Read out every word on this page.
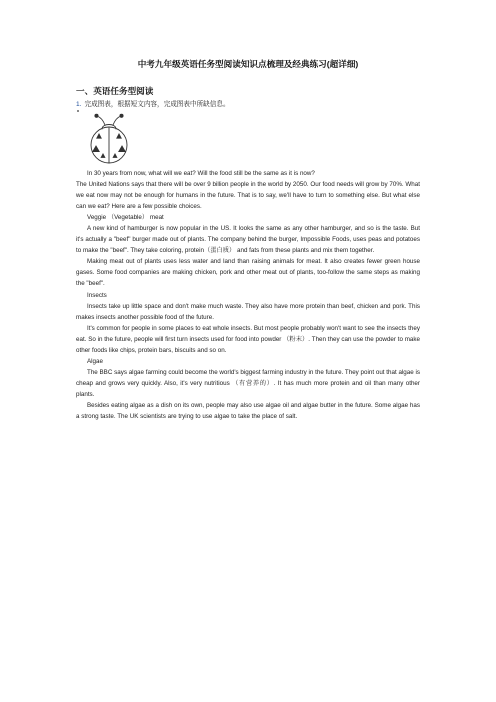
中考九年级英语任务型阅读知识点梳理及经典练习(超详细)
一、英语任务型阅读
1. 完成图表，根据短文内容，完成图表中所缺信息。

In 30 years from now, what will we eat? Will the food still be the same as it is now?

The United Nations says that there will be over 9 billion people in the world by 2050. Our food needs will grow by 70%. What we eat now may not be enough for humans in the future. That is to say, we'll have to turn to something else. But what else can we eat? Here are a few possible choices.

Veggie （Vegetable） meat

A new kind of hamburger is now popular in the US. It looks the same as any other hamburger, and so is the taste. But it's actually a "beef" burger made out of plants. The company behind the burger, Impossible Foods, uses peas and potatoes to make the "beef". They take coloring, protein（蛋白质） and fats from these plants and mix them together.

Making meat out of plants uses less water and land than raising animals for meat. It also creates fewer green house gases. Some food companies are making chicken, pork and other meat out of plants, too-follow the same steps as making the "beef".

Insects

Insects take up little space and don't make much waste. They also have more protein than beef, chicken and pork. This makes insects another possible food of the future.

It's common for people in some places to eat whole insects. But most people probably won't want to see the insects they eat. So in the future, people will first turn insects used for food into powder （粉末）. Then they can use the powder to make other foods like chips, protein bars, biscuits and so on.

Algae

The BBC says algae farming could become the world's biggest farming industry in the future. They point out that algae is cheap and grows very quickly. Also, it's very nutritious （有营养的）. It has much more protein and oil than many other plants.

Besides eating algae as a dish on its own, people may also use algae oil and algae butter in the future. Some algae has a strong taste. The UK scientists are trying to use algae to take the place of salt.
